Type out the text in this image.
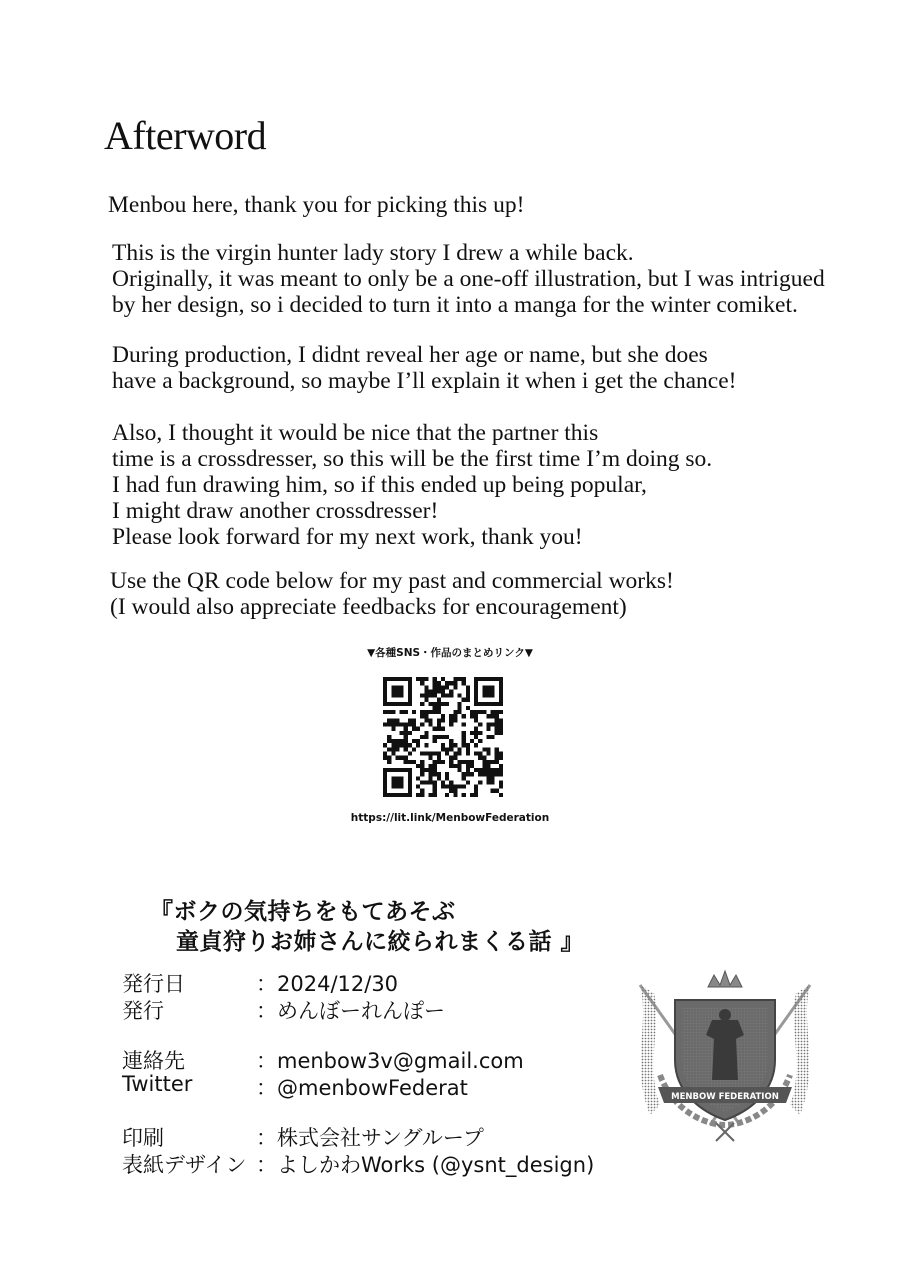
Afterword

Menbou here, thank you for picking this up!

This is the virgin hunter lady story I drew a while back.
Originally, it was meant to only be a one-off illustration, but I was intrigued
by her design, so i decided to turn it into a manga for the winter comiket.

During production, I didnt reveal her age or name, but she does
have a background, so maybe I’ll explain it when i get the chance!

Also, I thought it would be nice that the partner this
time is a crossdresser, so this will be the first time I’m doing so.
I had fun drawing him, so if this ended up being popular,
I might draw another crossdresser!
Please look forward for my next work, thank you!

Use the QR code below for my past and commercial works!
(I would also appreciate feedbacks for encouragement)

▼各種SNS・作品のまとめリンク▼
https://lit.link/MenbowFederation
『ボクの気持ちをもてあそぶ
童貞狩りお姉さんに絞られまくる話 』
発行日	：2024/12/30
発行	：めんぼーれんぽー
連絡先	：menbow3v@gmail.com
Twitter	：@menbowFederat
印刷	：株式会社サングループ
表紙デザイン ：よしかわWorks (@ysnt_design)
MENBOW FEDERATION
